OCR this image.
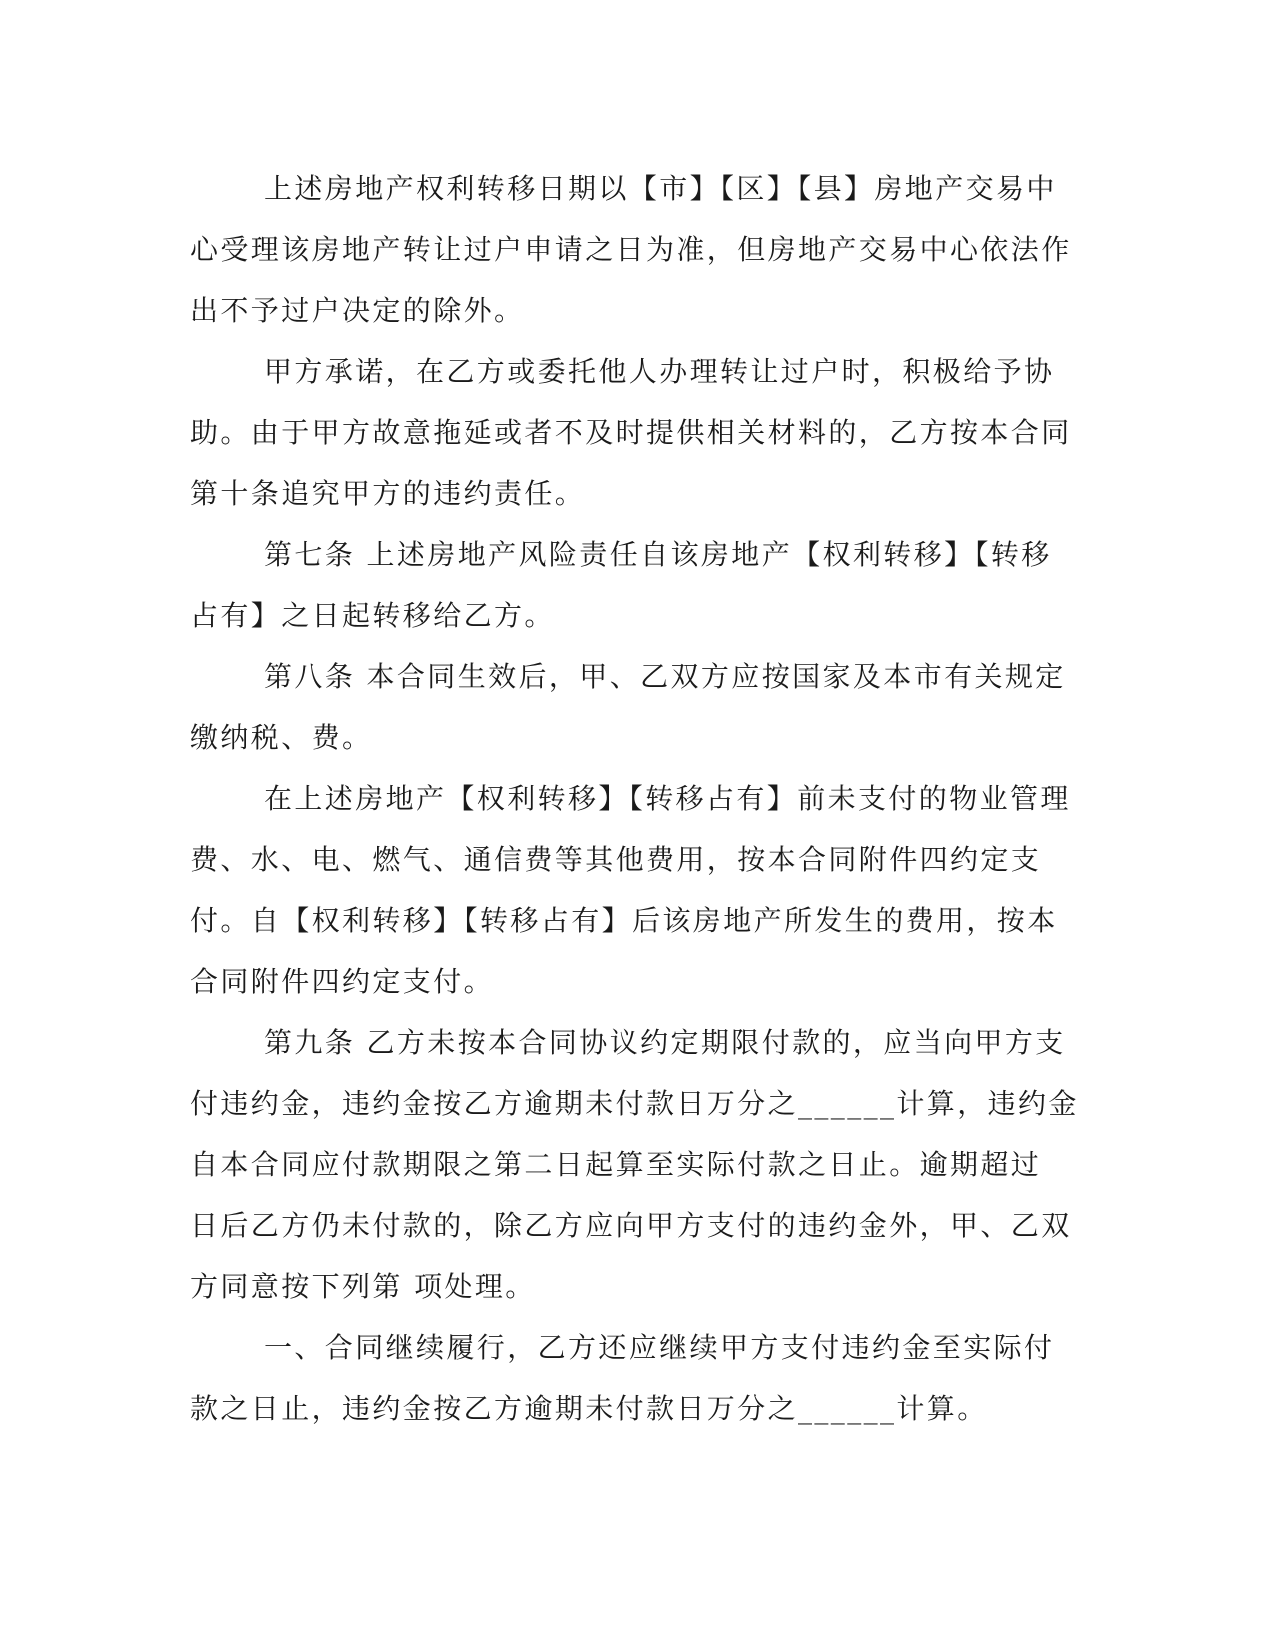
上述房地产权利转移日期以【市】【区】【县】房地产交易中心受理该房地产转让过户申请之日为准，但房地产交易中心依法作出不予过户决定的除外。

甲方承诺，在乙方或委托他人办理转让过户时，积极给予协助。由于甲方故意拖延或者不及时提供相关材料的，乙方按本合同第十条追究甲方的违约责任。

第七条 上述房地产风险责任自该房地产【权利转移】【转移占有】之日起转移给乙方。

第八条 本合同生效后，甲、乙双方应按国家及本市有关规定缴纳税、费。

在上述房地产【权利转移】【转移占有】前未支付的物业管理费、水、电、燃气、通信费等其他费用，按本合同附件四约定支付。自【权利转移】【转移占有】后该房地产所发生的费用，按本合同附件四约定支付。

第九条 乙方未按本合同协议约定期限付款的，应当向甲方支付违约金，违约金按乙方逾期未付款日万分之______计算，违约金自本合同应付款期限之第二日起算至实际付款之日止。逾期超过 日后乙方仍未付款的，除乙方应向甲方支付的违约金外，甲、乙双方同意按下列第 项处理。

一、合同继续履行，乙方还应继续甲方支付违约金至实际付款之日止，违约金按乙方逾期未付款日万分之______计算。
